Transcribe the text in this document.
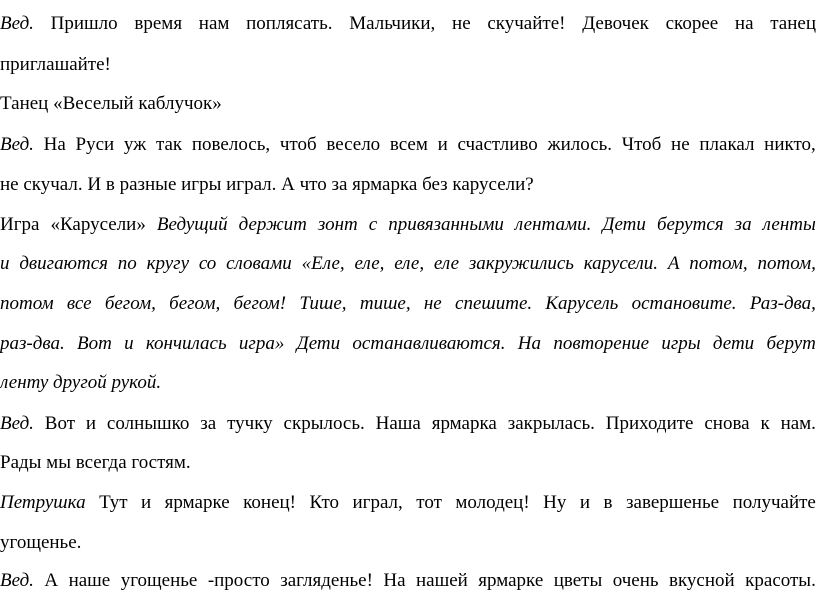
Вед. Пришло время нам поплясать. Мальчики, не скучайте! Девочек скорее на танец
приглашайте!
Танец «Веселый каблучок»
Вед. На Руси уж так повелось, чтоб весело всем и счастливо жилось. Чтоб не плакал никто,
не скучал. И в разные игры играл. А что за ярмарка без карусели?
Игра «Карусели» Ведущий держит зонт с привязанными лентами. Дети берутся за ленты
и двигаются по кругу со словами «Еле, еле, еле, еле закружились карусели. А потом, потом,
потом все бегом, бегом, бегом! Тише, тише, не спешите. Карусель остановите. Раз-два,
раз-два. Вот и кончилась игра» Дети останавливаются. На повторение игры дети берут
ленту другой рукой.
Вед. Вот и солнышко за тучку скрылось. Наша ярмарка закрылась. Приходите снова к нам.
Рады мы всегда гостям.
Петрушка Тут и ярмарке конец! Кто играл, тот молодец! Ну и в завершенье получайте
угощенье.
Вед. А наше угощенье -просто загляденье! На нашей ярмарке цветы очень вкусной красоты.
